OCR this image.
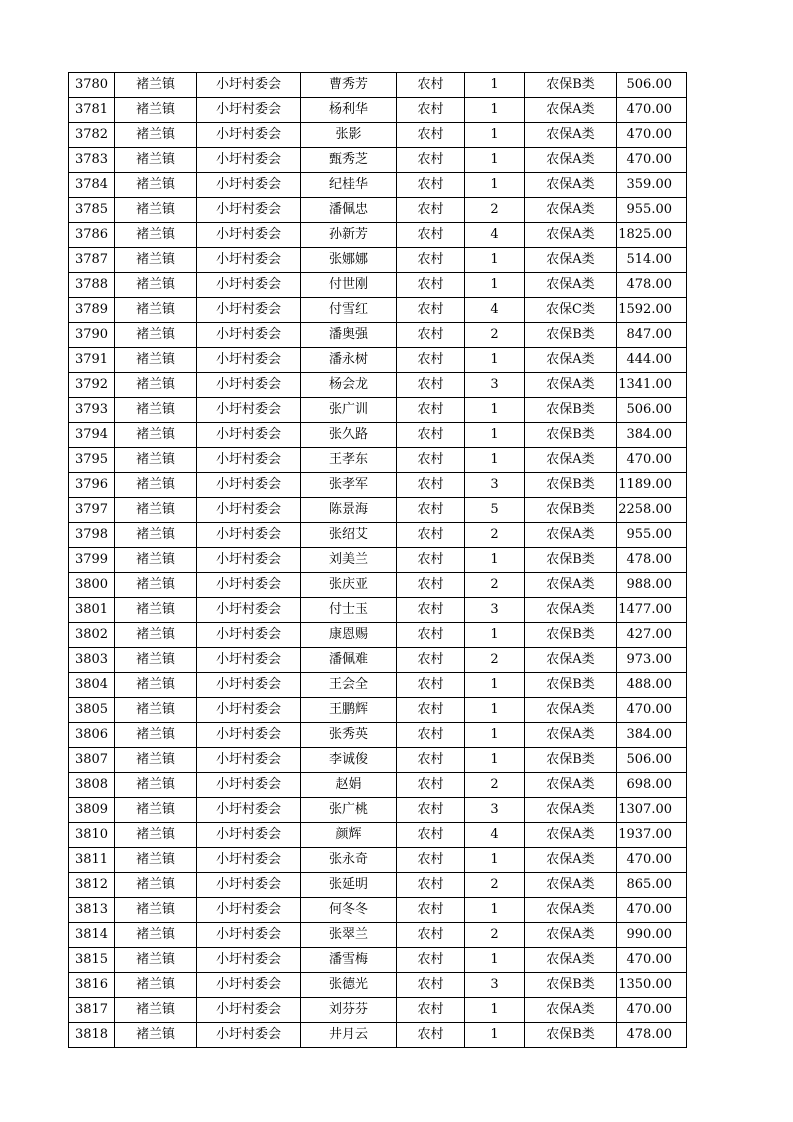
3780	褚兰镇	小圩村委会	曹秀芳	农村	1	农保B类	506.00
3781	褚兰镇	小圩村委会	杨利华	农村	1	农保A类	470.00
3782	褚兰镇	小圩村委会	张影	农村	1	农保A类	470.00
3783	褚兰镇	小圩村委会	甄秀芝	农村	1	农保A类	470.00
3784	褚兰镇	小圩村委会	纪桂华	农村	1	农保A类	359.00
3785	褚兰镇	小圩村委会	潘佩忠	农村	2	农保A类	955.00
3786	褚兰镇	小圩村委会	孙新芳	农村	4	农保A类	1825.00
3787	褚兰镇	小圩村委会	张娜娜	农村	1	农保A类	514.00
3788	褚兰镇	小圩村委会	付世刚	农村	1	农保A类	478.00
3789	褚兰镇	小圩村委会	付雪红	农村	4	农保C类	1592.00
3790	褚兰镇	小圩村委会	潘奥强	农村	2	农保B类	847.00
3791	褚兰镇	小圩村委会	潘永树	农村	1	农保A类	444.00
3792	褚兰镇	小圩村委会	杨会龙	农村	3	农保A类	1341.00
3793	褚兰镇	小圩村委会	张广训	农村	1	农保B类	506.00
3794	褚兰镇	小圩村委会	张久路	农村	1	农保B类	384.00
3795	褚兰镇	小圩村委会	王孝东	农村	1	农保A类	470.00
3796	褚兰镇	小圩村委会	张孝军	农村	3	农保B类	1189.00
3797	褚兰镇	小圩村委会	陈景海	农村	5	农保B类	2258.00
3798	褚兰镇	小圩村委会	张绍艾	农村	2	农保A类	955.00
3799	褚兰镇	小圩村委会	刘美兰	农村	1	农保B类	478.00
3800	褚兰镇	小圩村委会	张庆亚	农村	2	农保A类	988.00
3801	褚兰镇	小圩村委会	付士玉	农村	3	农保A类	1477.00
3802	褚兰镇	小圩村委会	康恩赐	农村	1	农保B类	427.00
3803	褚兰镇	小圩村委会	潘佩难	农村	2	农保A类	973.00
3804	褚兰镇	小圩村委会	王会全	农村	1	农保B类	488.00
3805	褚兰镇	小圩村委会	王鹏辉	农村	1	农保A类	470.00
3806	褚兰镇	小圩村委会	张秀英	农村	1	农保A类	384.00
3807	褚兰镇	小圩村委会	李诚俊	农村	1	农保B类	506.00
3808	褚兰镇	小圩村委会	赵娟	农村	2	农保A类	698.00
3809	褚兰镇	小圩村委会	张广桃	农村	3	农保A类	1307.00
3810	褚兰镇	小圩村委会	颜辉	农村	4	农保A类	1937.00
3811	褚兰镇	小圩村委会	张永奇	农村	1	农保A类	470.00
3812	褚兰镇	小圩村委会	张延明	农村	2	农保A类	865.00
3813	褚兰镇	小圩村委会	何冬冬	农村	1	农保A类	470.00
3814	褚兰镇	小圩村委会	张翠兰	农村	2	农保A类	990.00
3815	褚兰镇	小圩村委会	潘雪梅	农村	1	农保A类	470.00
3816	褚兰镇	小圩村委会	张德光	农村	3	农保B类	1350.00
3817	褚兰镇	小圩村委会	刘芬芬	农村	1	农保A类	470.00
3818	褚兰镇	小圩村委会	井月云	农村	1	农保B类	478.00
